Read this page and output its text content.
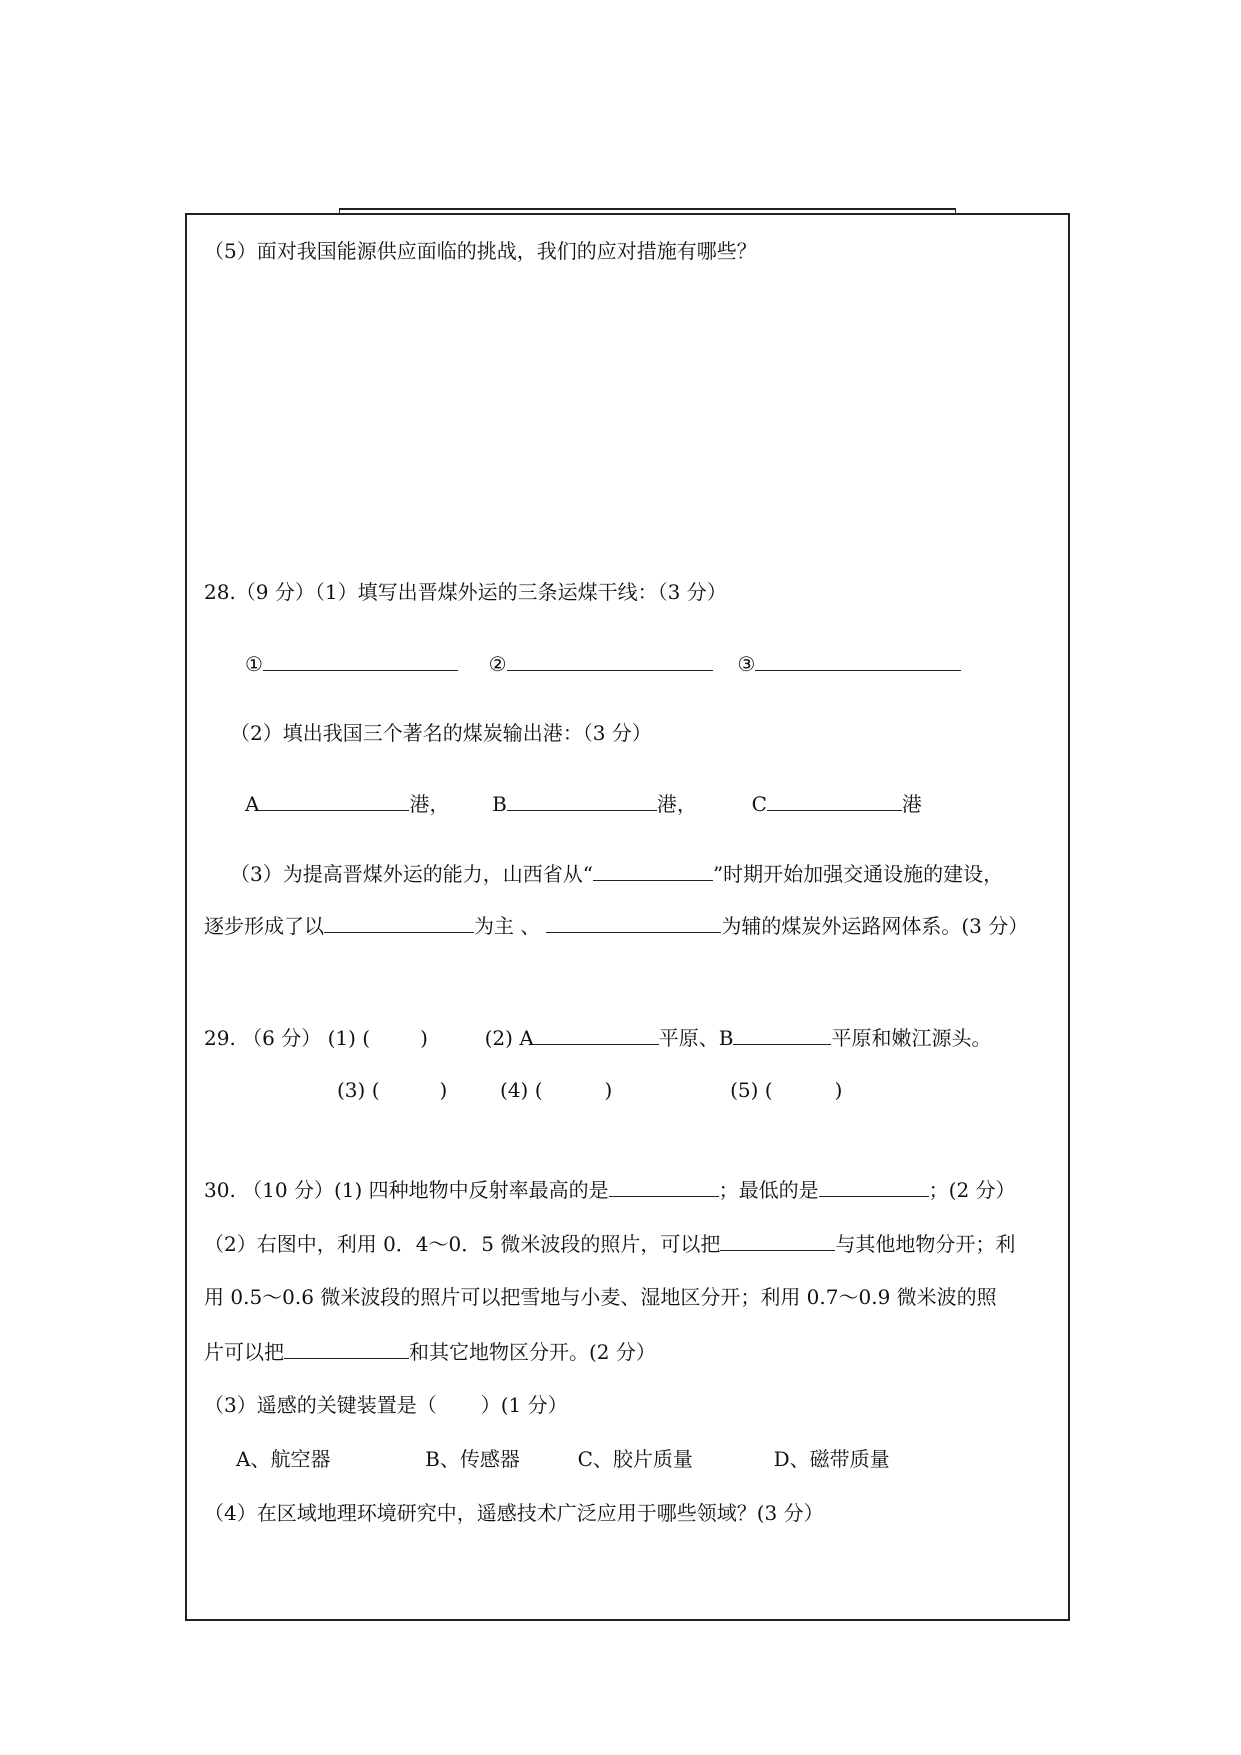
（5）面对我国能源供应面临的挑战，我们的应对措施有哪些？
28.（9 分）（1）填写出晋煤外运的三条运煤干线：（3 分）
①	②	③
（2）填出我国三个著名的煤炭输出港：（3 分）
A	港， B	港，	C	港
（3）为提高晋煤外运的能力，山西省从“	”时期开始加强交通设施的建设，
逐步形成了以	为主 、	为辅的煤炭外运路网体系。(3 分）
29. （6 分） (1) (	)	(2) A	平原、B	平原和嫩江源头。
(3) (	)	(4) (	)	(5) (	)
30. （10 分）(1) 四种地物中反射率最高的是	；最低的是	；(2 分）
（2）右图中，利用 0．4～0．5 微米波段的照片，可以把	与其他地物分开；利
用 0.5～0.6 微米波段的照片可以把雪地与小麦、湿地区分开；利用 0.7～0.9 微米波的照
片可以把	和其它地物区分开。(2 分）
（3）遥感的关键装置是（ ）(1 分）
A、航空器	B、传感器	C、胶片质量	D、磁带质量
（4）在区域地理环境研究中，遥感技术广泛应用于哪些领域？(3 分）
